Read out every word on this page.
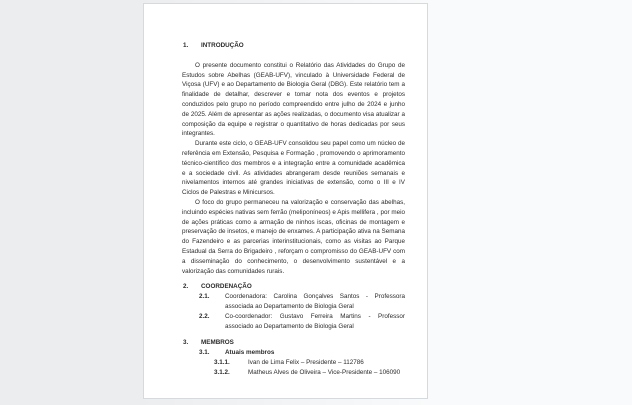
1.	INTRODUÇÃO

O presente documento constitui o Relatório das Atividades do Grupo de Estudos sobre Abelhas (GEAB-UFV), vinculado à Universidade Federal de Viçosa (UFV) e ao Departamento de Biologia Geral (DBG). Este relatório tem a finalidade de detalhar, descrever e tomar nota dos eventos e projetos conduzidos pelo grupo no período compreendido entre julho de 2024 e junho de 2025. Além de apresentar as ações realizadas, o documento visa atualizar a composição da equipe e registrar o quantitativo de horas dedicadas por seus integrantes.

Durante este ciclo, o GEAB-UFV consolidou seu papel como um núcleo de referência em Extensão, Pesquisa e Formação , promovendo o aprimoramento técnico-científico dos membros e a integração entre a comunidade acadêmica e a sociedade civil. As atividades abrangeram desde reuniões semanais e nivelamentos internos até grandes iniciativas de extensão, como o III e IV Ciclos de Palestras e Minicursos.

O foco do grupo permaneceu na valorização e conservação das abelhas, incluindo espécies nativas sem ferrão (meliponíneos) e Apis mellifera , por meio de ações práticas como a armação de ninhos iscas, oficinas de montagem e preservação de insetos, e manejo de enxames. A participação ativa na Semana do Fazendeiro e as parcerias interinstitucionais, como as visitas ao Parque Estadual da Serra do Brigadeiro , reforçam o compromisso do GEAB-UFV com a disseminação do conhecimento, o desenvolvimento sustentável e a valorização das comunidades rurais.

2.	COORDENAÇÃO
2.1.	Coordenadora: Carolina Gonçalves Santos - Professora associada ao Departamento de Biologia Geral
2.2.	Co-coordenador: Gustavo Ferreira Martins - Professor associado ao Departamento de Biologia Geral
3.	MEMBROS
3.1.	Atuais membros
3.1.1.	Ivan de Lima Felix – Presidente – 112786
3.1.2.	Matheus Alves de Oliveira – Vice-Presidente – 106090
